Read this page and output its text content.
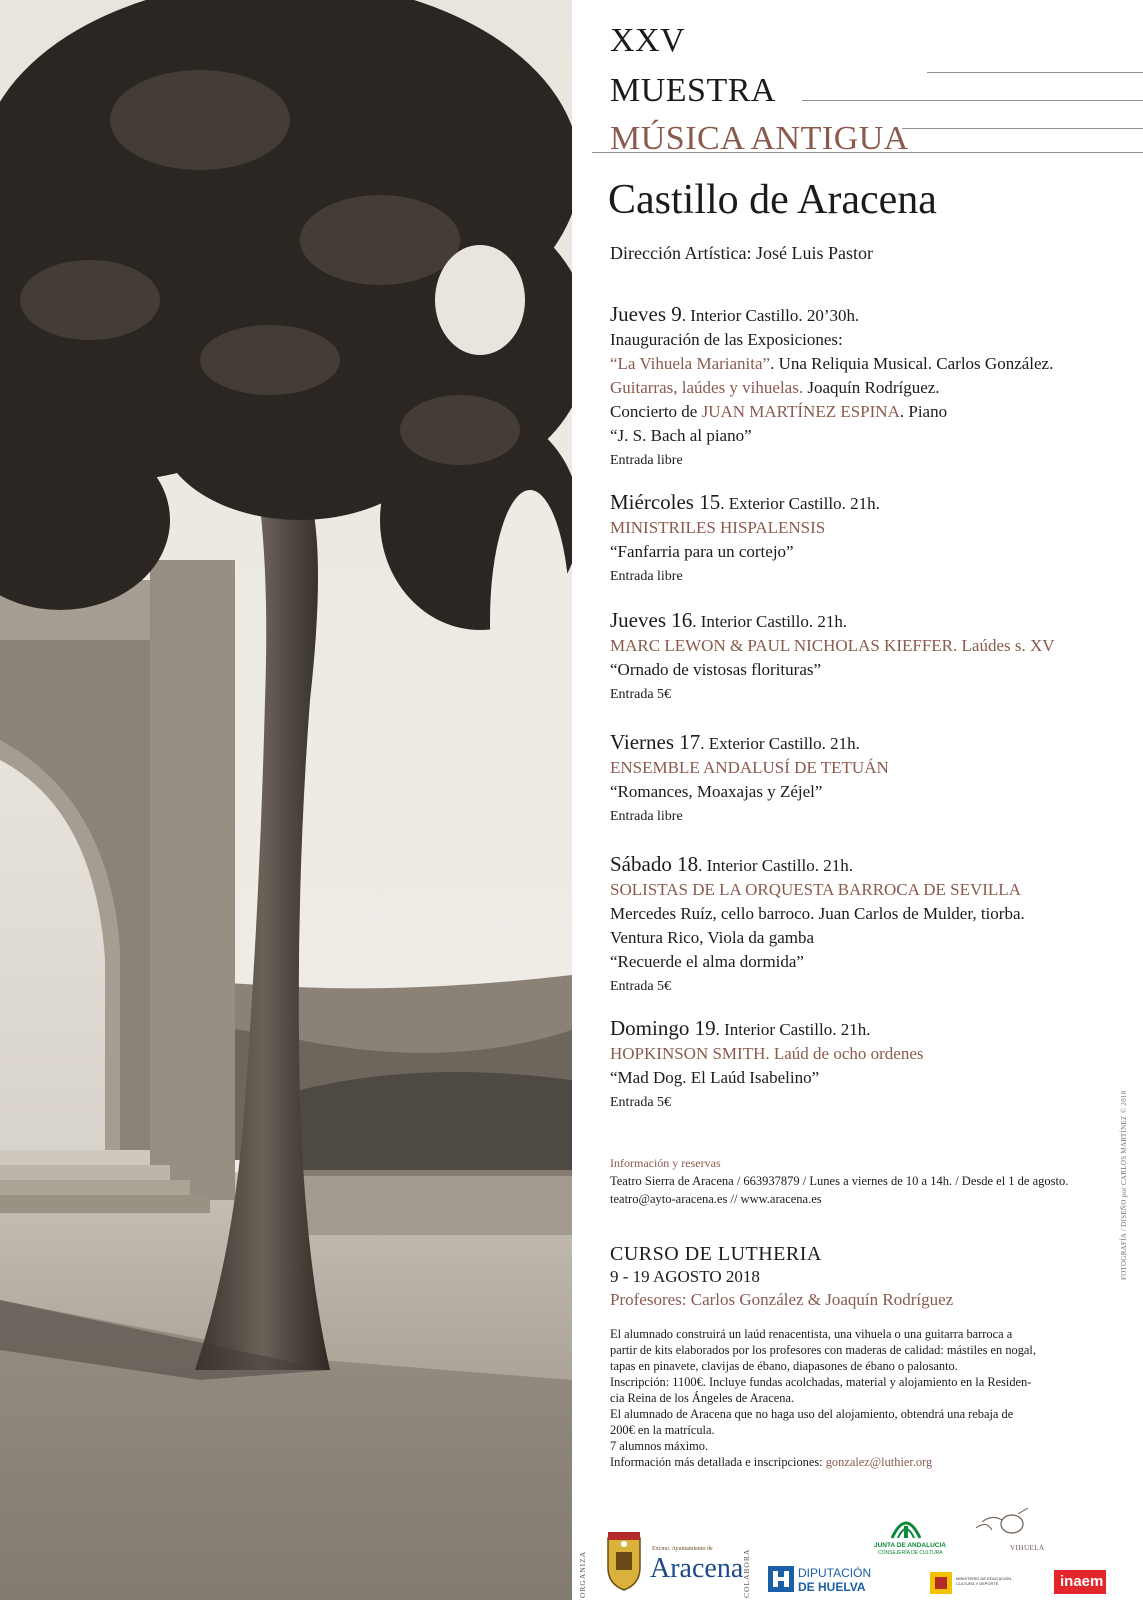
XXV
MUESTRA
MÚSICA ANTIGUA
Castillo de Aracena
Dirección Artística: José Luis Pastor
Jueves 9. Interior Castillo. 20’30h.
Inauguración de las Exposiciones:
“La Vihuela Marianita”. Una Reliquia Musical. Carlos González.
Guitarras, laúdes y vihuelas. Joaquín Rodríguez.
Concierto de JUAN MARTÍNEZ ESPINA. Piano
“J. S. Bach al piano”
Entrada libre
Miércoles 15. Exterior Castillo. 21h.
MINISTRILES HISPALENSIS
“Fanfarria para un cortejo”
Entrada libre
Jueves 16. Interior Castillo. 21h.
MARC LEWON & PAUL NICHOLAS KIEFFER. Laúdes s. XV
“Ornado de vistosas florituras”
Entrada 5€
Viernes 17. Exterior Castillo. 21h.
ENSEMBLE ANDALUSÍ DE TETUÁN
“Romances, Moaxajas y Zéjel”
Entrada libre
Sábado 18. Interior Castillo. 21h.
SOLISTAS DE LA ORQUESTA BARROCA DE SEVILLA
Mercedes Ruíz, cello barroco. Juan Carlos de Mulder, tiorba.
Ventura Rico, Viola da gamba
“Recuerde el alma dormida”
Entrada 5€
Domingo 19. Interior Castillo. 21h.
HOPKINSON SMITH. Laúd de ocho ordenes
“Mad Dog. El Laúd Isabelino”
Entrada 5€
Información y reservas
Teatro Sierra de Aracena / 663937879 / Lunes a viernes de 10 a 14h. / Desde el 1 de agosto.
teatro@ayto-aracena.es // www.aracena.es
CURSO DE LUTHERIA
9 - 19 AGOSTO 2018
Profesores: Carlos González & Joaquín Rodríguez
El alumnado construirá un laúd renacentista, una vihuela o una guitarra barroca a
partir de kits elaborados por los profesores con maderas de calidad: mástiles en nogal,
tapas en pinavete, clavijas de ébano, diapasones de ébano o palosanto.
Inscripción: 1100€. Incluye fundas acolchadas, material y alojamiento en la Residen-
cia Reina de los Ángeles de Aracena.
El alumnado de Aracena que no haga uso del alojamiento, obtendrá una rebaja de
200€ en la matrícula.
7 alumnos máximo.
Información más detallada e inscripciones: gonzalez@luthier.org
FOTOGRAFÍA / DISEÑO por CARLOS MARTÍNEZ © 2018
ORGANIZA	COLABORA
Excmo. Ayuntamiento de
Aracena	DIPUTACIÓN
DE HUELVA
JUNTA DE ANDALUCIA
CONSEJERÍA DE CULTURA
VIHUELA
MINISTERIO DE EDUCACIÓN, CULTURA Y DEPORTE	inaem
